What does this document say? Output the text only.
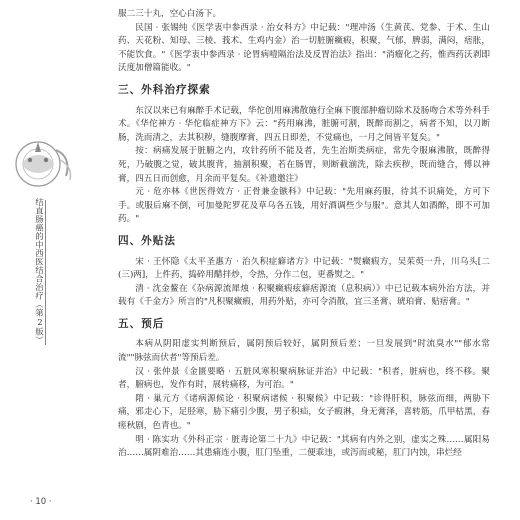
结直肠癌的中西医结合治疗（第2版）
· 10 ·

服二三十丸，空心白汤下。

民国 · 张锡纯《医学衷中参西录 · 治女科方》中记载："理冲汤（生黄芪、党参、于术、生山药、天花粉、知母、三棱、莪术、生鸡内金）治一切脏腑癥瘕，积聚，气郁，脾弱，满闷，痞胀，不能饮食。"《医学衷中参西录 · 论胃病噎隔治法及反胃治法》指出："消瘤化之药，惟西药沃剥即沃度加僧篇能收。"

三、外科治疗探索

东汉以来已有麻醉手术记载，华佗创用麻沸散施行全麻下腹部肿瘤切除术及肠吻合术等外科手术。《华佗神方 · 华佗临症神方下》云："药用麻沸，脏腑可割，既醉而割之，病者不知，以刀断肠，洗而清之，去其积秽，缝腹摩膏，四五日即差，不觉痛也，一月之间皆平复矣。"

按：病痛发展于脏腑之内，攻针药所不能及者，先生治斯类病症，常先令服麻沸散，既醉得死，乃破腹之觉，破其腹背，抽割积聚，若在肠胃，则断截湔洗，除去疾秽，既而缝合，傅以神膏，四五日而创愈，月余而平复矣。《补遗邀注》

元 · 危亦林《世医得效方 · 正骨兼金镞科》中记载："先用麻药服，待其不识痛处，方可下手。或服后麻不倒，可加曼陀罗花及草乌各五钱，用好酒调些少与服"。意其人如酒醉，即不可加药。"

四、外贴法

宋 · 王怀隐《太平圣惠方 · 治久积症癖诸方》中记载："熨癥瘕方，吴茱萸一升，川乌头[二(三)两]，上件药，捣碎用醋拌炒，令热，分作二包，更番熨之。"

清 · 沈金鳌在《杂病源流犀烛 · 积聚癥瘕痃癖痞源流（息积病）》中已记载本病外治方法，并载有《千金方》所言的"凡积聚癥瘕，用药外贴，亦可令消散，宜三圣膏、琥珀膏、贴痞膏。"

五、预后

本病从阴阳虚实判断预后，属阴预后较好，属阴预后差；一旦发展到"时流臭水""郁水常流""脉弦而伏者"等预后差。

汉 · 张仲景《金匮要略 · 五脏风寒积聚病脉证并治》中记载："积者，脏病也，终不移。聚者，腑病也，发作有时，展转痛移，为可治。"

隋 · 巢元方《诸病源候论 · 积聚病诸候 · 积聚候》中记载："诊得肝积，脉弦而细，两胁下痛，邪走心下，足胫寒，胁下痛引少腹，男子积疝，女子瘕淋，身无膏泽，喜转筋，爪甲枯黑，春瘥秋剧，色青也。"

明 · 陈实功《外科正宗 · 脏毒论第二十九》中记载："其病有内外之别，虚实之殊……属阳易治……属阴难治……其患痛连小腹，肛门坠重，二便乖违，或泻而或秘，肛门内蚀，串烂经
